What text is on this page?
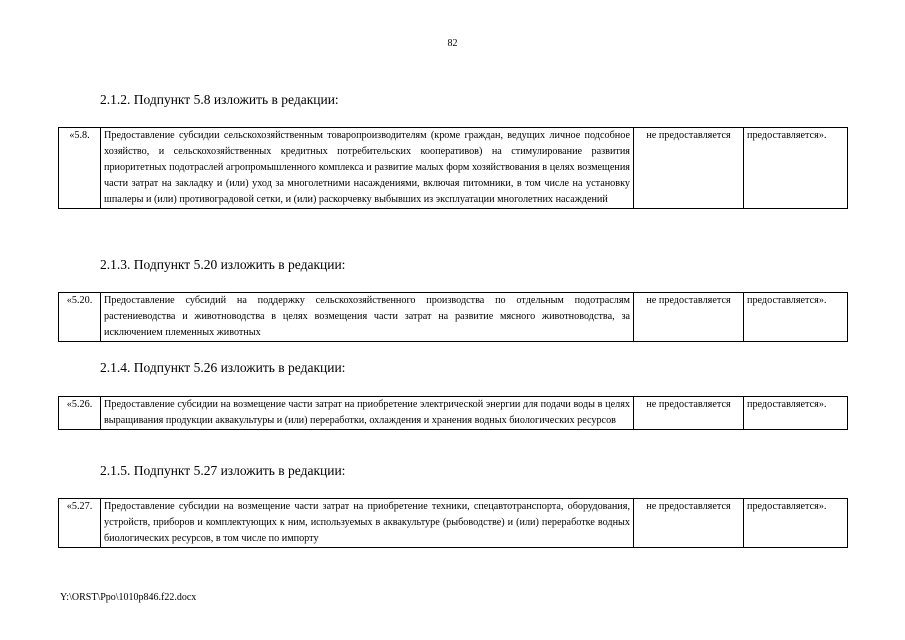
82
2.1.2. Подпункт 5.8 изложить в редакции:
«5.8.	Предоставление субсидии сельскохозяйственным товаропроизводителям (кроме граждан, ведущих личное подсобное хозяйство, и сельскохозяйственных кредитных потребительских кооперативов) на стимулирование развития приоритетных подотраслей агропромышленного комплекса и развитие малых форм хозяйствования в целях возмещения части затрат на закладку и (или) уход за многолетними насаждениями, включая питомники, в том числе на установку шпалеры и (или) противоградовой сетки, и (или) раскорчевку выбывших из эксплуатации многолетних насаждений	не предоставляется	предоставляется».
2.1.3. Подпункт 5.20 изложить в редакции:
«5.20.	Предоставление субсидий на поддержку сельскохозяйственного производства по отдельным подотраслям растениеводства и животноводства в целях возмещения части затрат на развитие мясного животноводства, за исключением племенных животных	не предоставляется	предоставляется».
2.1.4. Подпункт 5.26 изложить в редакции:
«5.26.	Предоставление субсидии на возмещение части затрат на приобретение электрической энергии для подачи воды в целях выращивания продукции аквакультуры и (или) переработки, охлаждения и хранения водных биологических ресурсов	не предоставляется	предоставляется».
2.1.5. Подпункт 5.27 изложить в редакции:
«5.27.	Предоставление субсидии на возмещение части затрат на приобретение техники, спецавтотранспорта, оборудования, устройств, приборов и комплектующих к ним, используемых в аквакультуре (рыбоводстве) и (или) переработке водных биологических ресурсов, в том числе по импорту	не предоставляется	предоставляется».
Y:\ORST\Ppo\1010p846.f22.docx
